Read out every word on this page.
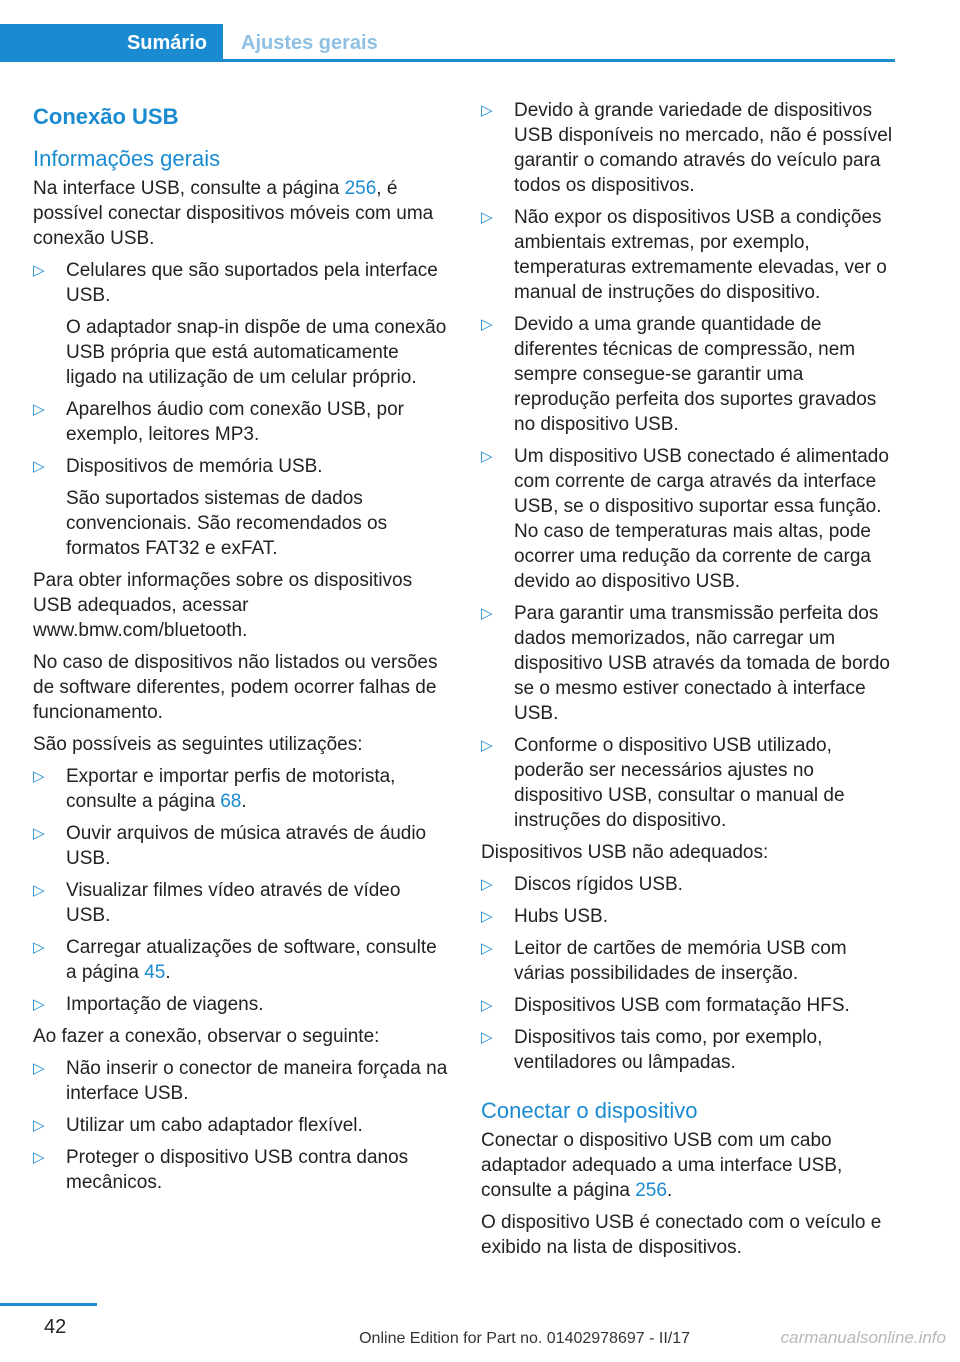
Sumário	Ajustes gerais
Conexão USB
Informações gerais

Na interface USB, consulte a página 256, é possível conectar dispositivos móveis com uma conexão USB.

▷ Celulares que são suportados pela interface USB.

O adaptador snap-in dispõe de uma conexão USB própria que está automaticamente ligado na utilização de um celular próprio.

▷ Aparelhos áudio com conexão USB, por exemplo, leitores MP3.
▷ Dispositivos de memória USB.

São suportados sistemas de dados convencionais. São recomendados os formatos FAT32 e exFAT.

Para obter informações sobre os dispositivos USB adequados, acessar www.bmw.com/bluetooth.

No caso de dispositivos não listados ou versões de software diferentes, podem ocorrer falhas de funcionamento.

São possíveis as seguintes utilizações:

▷ Exportar e importar perfis de motorista, consulte a página 68.
▷ Ouvir arquivos de música através de áudio USB.
▷ Visualizar filmes vídeo através de vídeo USB.
▷ Carregar atualizações de software, consulte a página 45.
▷ Importação de viagens.

Ao fazer a conexão, observar o seguinte:

▷ Não inserir o conector de maneira forçada na interface USB.
▷ Utilizar um cabo adaptador flexível.
▷ Proteger o dispositivo USB contra danos mecânicos.
▷ Devido à grande variedade de dispositivos USB disponíveis no mercado, não é possível garantir o comando através do veículo para todos os dispositivos.
▷ Não expor os dispositivos USB a condições ambientais extremas, por exemplo, temperaturas extremamente elevadas, ver o manual de instruções do dispositivo.
▷ Devido a uma grande quantidade de diferentes técnicas de compressão, nem sempre consegue-se garantir uma reprodução perfeita dos suportes gravados no dispositivo USB.
▷ Um dispositivo USB conectado é alimentado com corrente de carga através da interface USB, se o dispositivo suportar essa função. No caso de temperaturas mais altas, pode ocorrer uma redução da corrente de carga devido ao dispositivo USB.
▷ Para garantir uma transmissão perfeita dos dados memorizados, não carregar um dispositivo USB através da tomada de bordo se o mesmo estiver conectado à interface USB.
▷ Conforme o dispositivo USB utilizado, poderão ser necessários ajustes no dispositivo USB, consultar o manual de instruções do dispositivo.

Dispositivos USB não adequados:

▷ Discos rígidos USB.
▷ Hubs USB.
▷ Leitor de cartões de memória USB com várias possibilidades de inserção.
▷ Dispositivos USB com formatação HFS.
▷ Dispositivos tais como, por exemplo, ventiladores ou lâmpadas.
Conectar o dispositivo

Conectar o dispositivo USB com um cabo adaptador adequado a uma interface USB, consulte a página 256.

O dispositivo USB é conectado com o veículo e exibido na lista de dispositivos.

42
Online Edition for Part no. 01402978697 - II/17	carmanualsonline.info
